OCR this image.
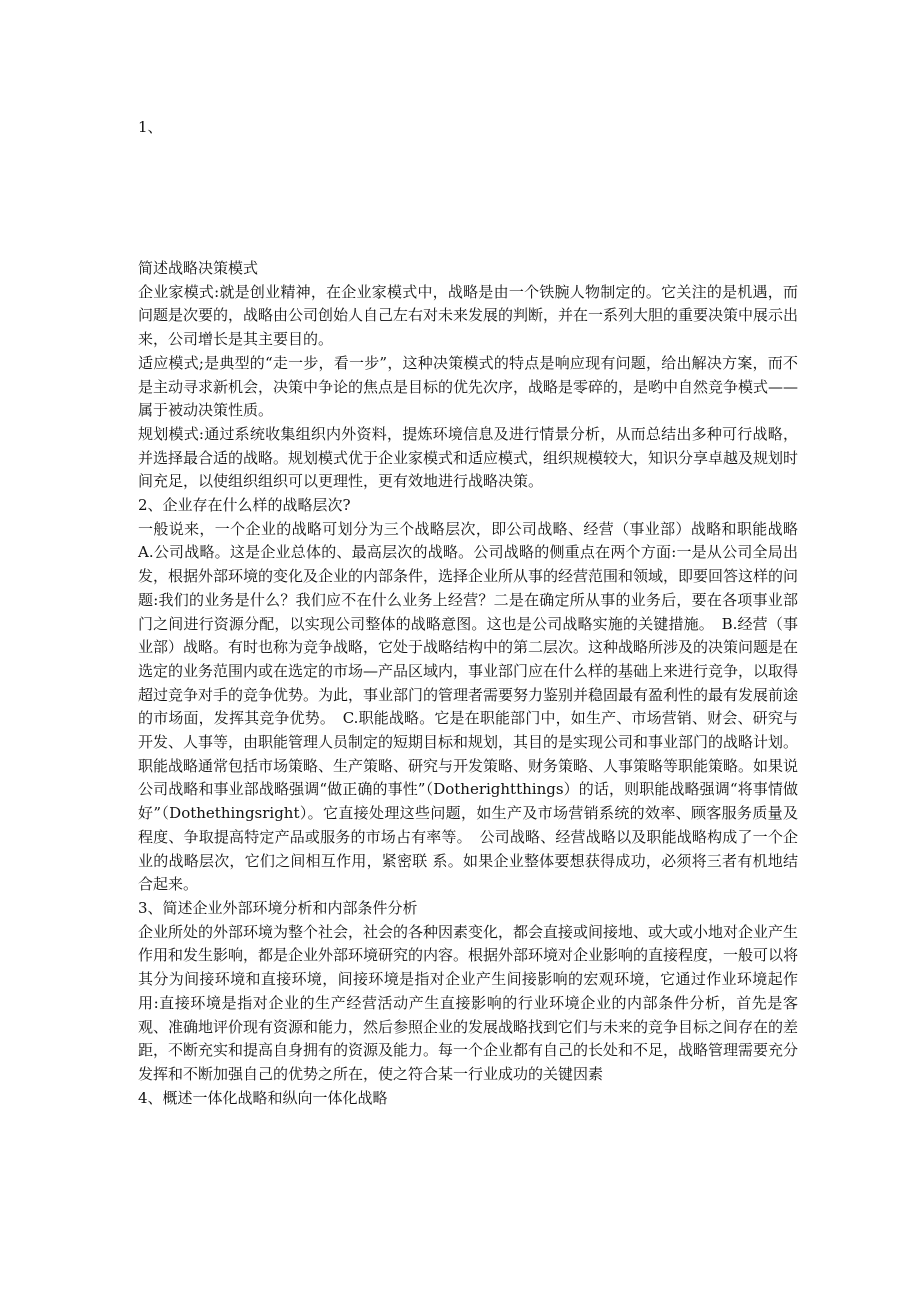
1、

简述战略决策模式

企业家模式:就是创业精神，在企业家模式中，战略是由一个铁腕人物制定的。它关注的是机遇，而问题是次要的，战略由公司创始人自己左右对未来发展的判断，并在一系列大胆的重要决策中展示出来，公司增长是其主要目的。

适应模式;是典型的“走一步，看一步”，这种决策模式的特点是响应现有问题，给出解决方案，而不是主动寻求新机会，决策中争论的焦点是目标的优先次序，战略是零碎的，是哟中自然竞争模式——属于被动决策性质。

规划模式:通过系统收集组织内外资料，提炼环境信息及进行情景分析，从而总结出多种可行战略，并选择最合适的战略。规划模式优于企业家模式和适应模式，组织规模较大，知识分享卓越及规划时间充足，以使组织组织可以更理性，更有效地进行战略决策。

2、企业存在什么样的战略层次?

一般说来，一个企业的战略可划分为三个战略层次，即公司战略、经营（事业部）战略和职能战略　A.公司战略。这是企业总体的、最高层次的战略。公司战略的侧重点在两个方面:一是从公司全局出发，根据外部环境的变化及企业的内部条件，选择企业所从事的经营范围和领域，即要回答这样的问题:我们的业务是什么？我们应不在什么业务上经营？二是在确定所从事的业务后，要在各项事业部门之间进行资源分配，以实现公司整体的战略意图。这也是公司战略实施的关键措施。　B.经营（事业部）战略。有时也称为竞争战略，它处于战略结构中的第二层次。这种战略所涉及的决策问题是在选定的业务范围内或在选定的市场—产品区域内，事业部门应在什么样的基础上来进行竞争，以取得超过竞争对手的竞争优势。为此，事业部门的管理者需要努力鉴别并稳固最有盈利性的最有发展前途的市场面，发挥其竞争优势。　C.职能战略。它是在职能部门中，如生产、市场营销、财会、研究与开发、人事等，由职能管理人员制定的短期目标和规划，其目的是实现公司和事业部门的战略计划。职能战略通常包括市场策略、生产策略、研究与开发策略、财务策略、人事策略等职能策略。如果说公司战略和事业部战略强调“做正确的事性”（Dotherightthings）的话，则职能战略强调“将事情做好”（Dothethingsright）。它直接处理这些问题，如生产及市场营销系统的效率、顾客服务质量及程度、争取提高特定产品或服务的市场占有率等。　公司战略、经营战略以及职能战略构成了一个企业的战略层次，它们之间相互作用，紧密联 系。如果企业整体要想获得成功，必须将三者有机地结合起来。

3、简述企业外部环境分析和内部条件分析

企业所处的外部环境为整个社会，社会的各种因素变化，都会直接或间接地、或大或小地对企业产生作用和发生影响，都是企业外部环境研究的内容。根据外部环境对企业影响的直接程度，一般可以将其分为间接环境和直接环境，间接环境是指对企业产生间接影响的宏观环境，它通过作业环境起作用:直接环境是指对企业的生产经营活动产生直接影响的行业环境企业的内部条件分析，首先是客观、准确地评价现有资源和能力，然后参照企业的发展战略找到它们与未来的竞争目标之间存在的差距，不断充实和提高自身拥有的资源及能力。每一个企业都有自己的长处和不足，战略管理需要充分发挥和不断加强自己的优势之所在，使之符合某一行业成功的关键因素

4、概述一体化战略和纵向一体化战略
